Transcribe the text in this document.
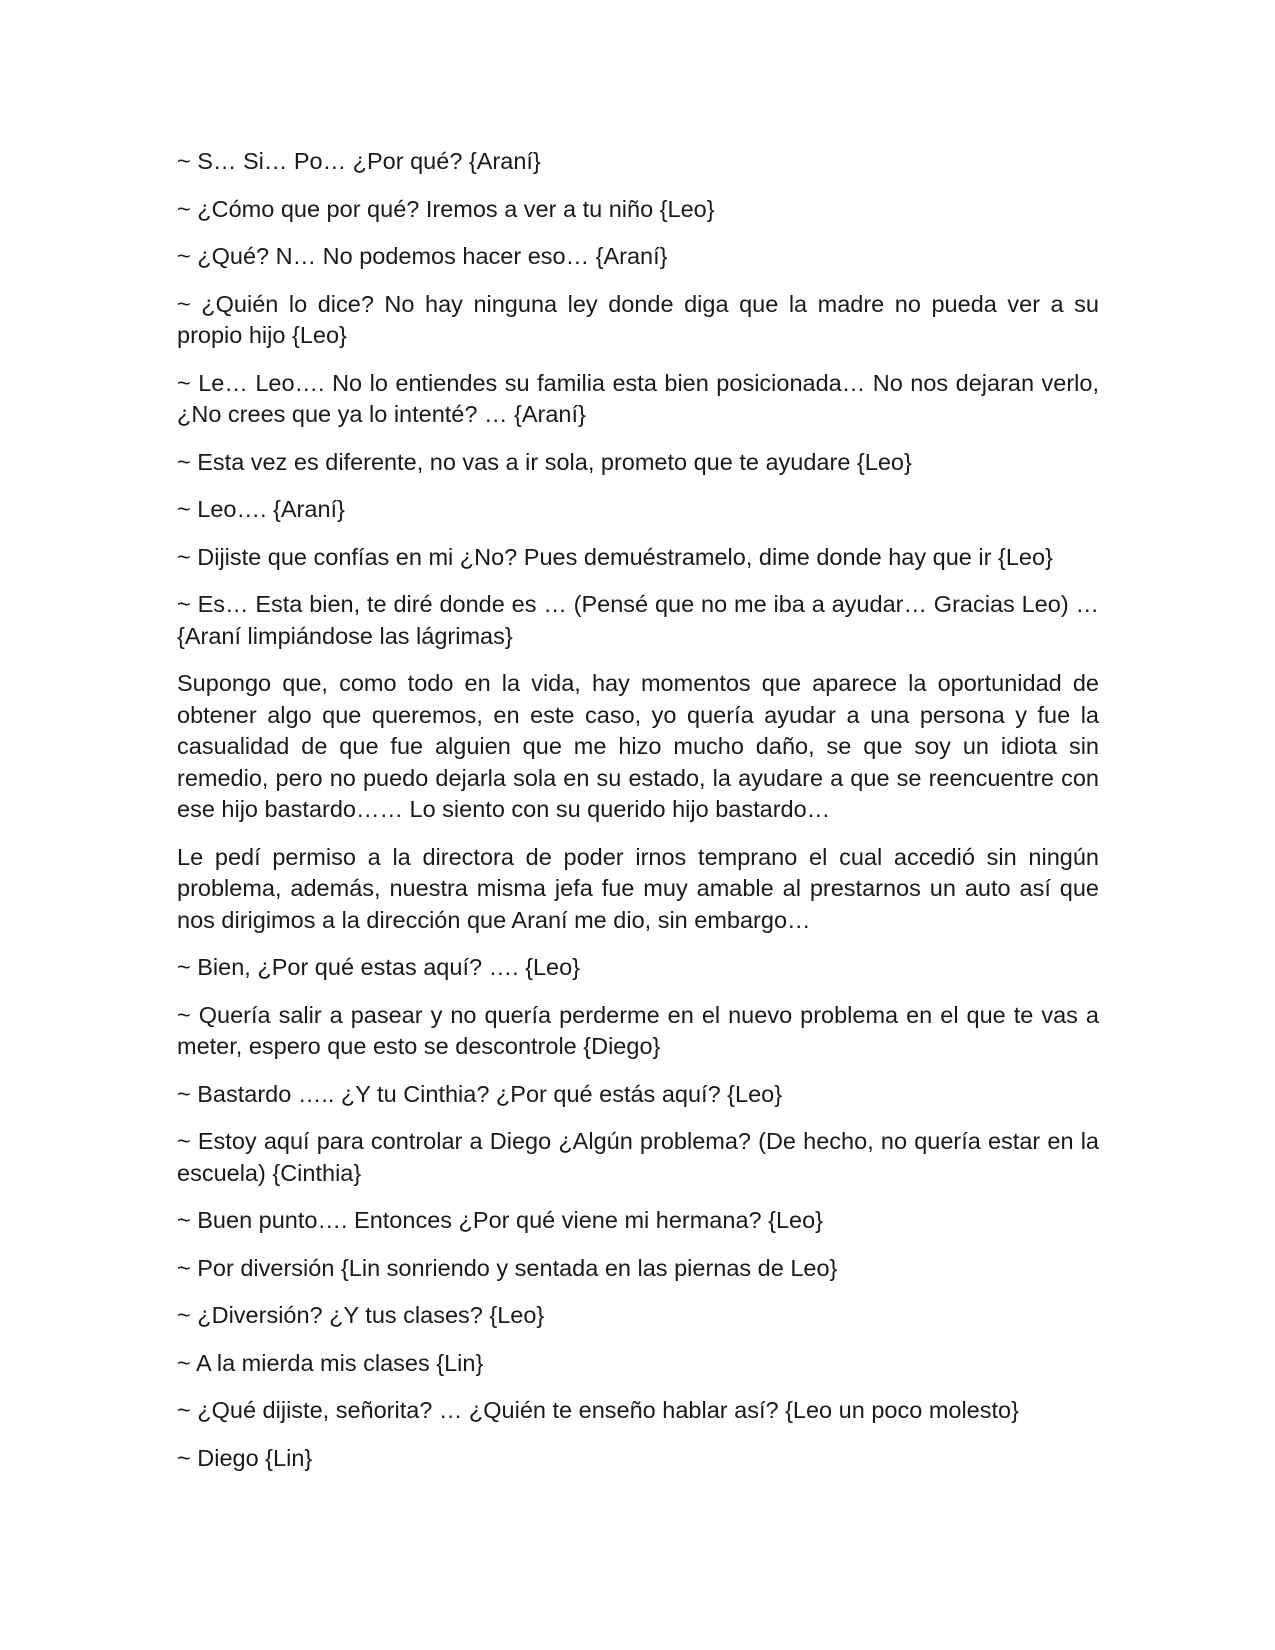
~ S… Si… Po… ¿Por qué? {Araní}

~ ¿Cómo que por qué? Iremos a ver a tu niño {Leo}

~ ¿Qué? N… No podemos hacer eso… {Araní}

~ ¿Quién lo dice? No hay ninguna ley donde diga que la madre no pueda ver a su propio hijo {Leo}

~ Le… Leo…. No lo entiendes su familia esta bien posicionada… No nos dejaran verlo, ¿No crees que ya lo intenté? … {Araní}

~ Esta vez es diferente, no vas a ir sola, prometo que te ayudare {Leo}

~ Leo…. {Araní}

~ Dijiste que confías en mi ¿No? Pues demuéstramelo, dime donde hay que ir {Leo}

~ Es… Esta bien, te diré donde es … (Pensé que no me iba a ayudar… Gracias Leo) … {Araní limpiándose las lágrimas}

Supongo que, como todo en la vida, hay momentos que aparece la oportunidad de obtener algo que queremos, en este caso, yo quería ayudar a una persona y fue la casualidad de que fue alguien que me hizo mucho daño, se que soy un idiota sin remedio, pero no puedo dejarla sola en su estado, la ayudare a que se reencuentre con ese hijo bastardo…… Lo siento con su querido hijo bastardo…

Le pedí permiso a la directora de poder irnos temprano el cual accedió sin ningún problema, además, nuestra misma jefa fue muy amable al prestarnos un auto así que nos dirigimos a la dirección que Araní me dio, sin embargo…

~ Bien, ¿Por qué estas aquí? …. {Leo}

~ Quería salir a pasear y no quería perderme en el nuevo problema en el que te vas a meter, espero que esto se descontrole {Diego}

~ Bastardo ….. ¿Y tu Cinthia? ¿Por qué estás aquí? {Leo}

~ Estoy aquí para controlar a Diego ¿Algún problema? (De hecho, no quería estar en la escuela) {Cinthia}

~ Buen punto…. Entonces ¿Por qué viene mi hermana? {Leo}

~ Por diversión {Lin sonriendo y sentada en las piernas de Leo}

~ ¿Diversión? ¿Y tus clases? {Leo}

~ A la mierda mis clases {Lin}

~ ¿Qué dijiste, señorita? … ¿Quién te enseño hablar así? {Leo un poco molesto}

~ Diego {Lin}
